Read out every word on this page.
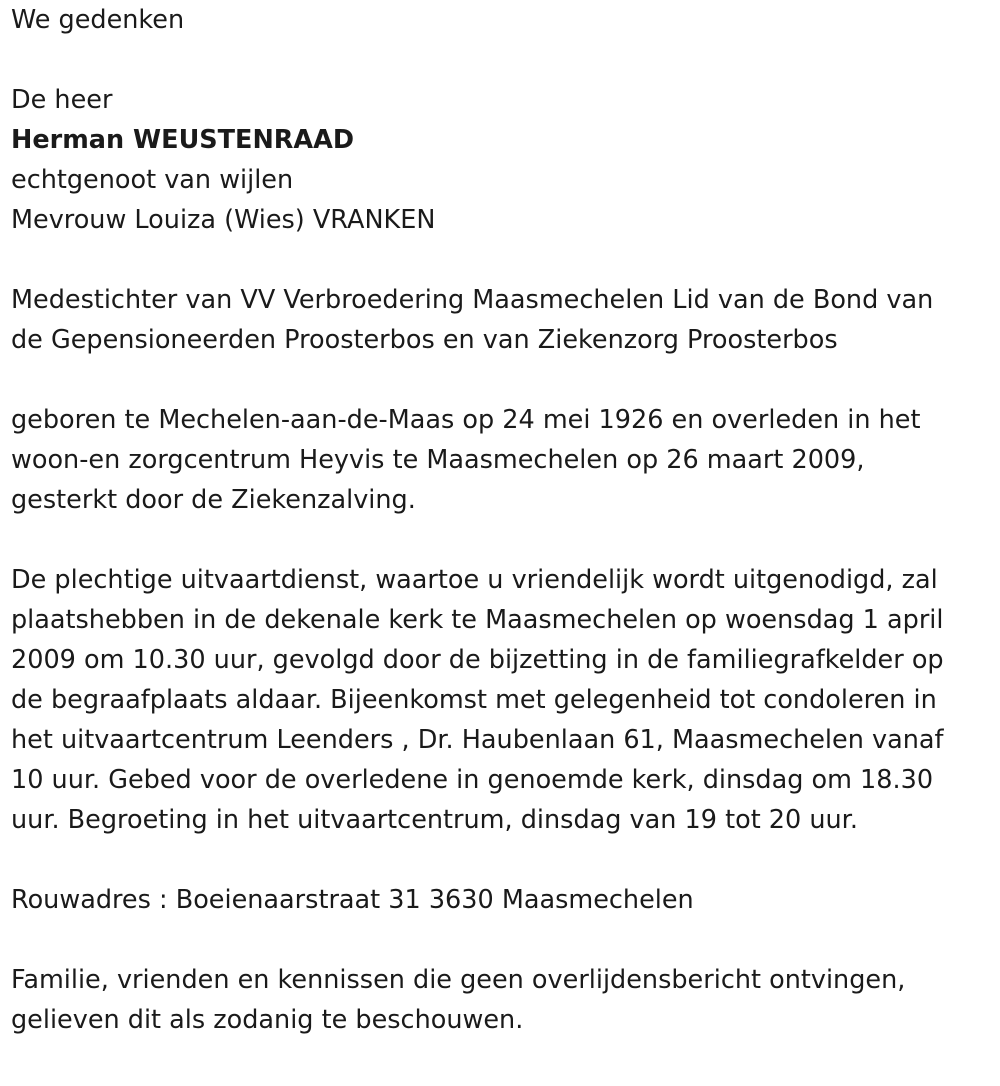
We gedenken
De heer
Herman WEUSTENRAAD
echtgenoot van wijlen
Mevrouw Louiza (Wies) VRANKEN
Medestichter van VV Verbroedering Maasmechelen Lid van de Bond van
de Gepensioneerden Proosterbos en van Ziekenzorg Proosterbos
geboren te Mechelen-aan-de-Maas op 24 mei 1926 en overleden in het
woon-en zorgcentrum Heyvis te Maasmechelen op 26 maart 2009,
gesterkt door de Ziekenzalving.
De plechtige uitvaartdienst, waartoe u vriendelijk wordt uitgenodigd, zal
plaatshebben in de dekenale kerk te Maasmechelen op woensdag 1 april
2009 om 10.30 uur, gevolgd door de bijzetting in de familiegrafkelder op
de begraafplaats aldaar. Bijeenkomst met gelegenheid tot condoleren in
het uitvaartcentrum Leenders , Dr. Haubenlaan 61, Maasmechelen vanaf
10 uur. Gebed voor de overledene in genoemde kerk, dinsdag om 18.30
uur. Begroeting in het uitvaartcentrum, dinsdag van 19 tot 20 uur.
Rouwadres : Boeienaarstraat 31 3630 Maasmechelen
Familie, vrienden en kennissen die geen overlijdensbericht ontvingen,
gelieven dit als zodanig te beschouwen.
